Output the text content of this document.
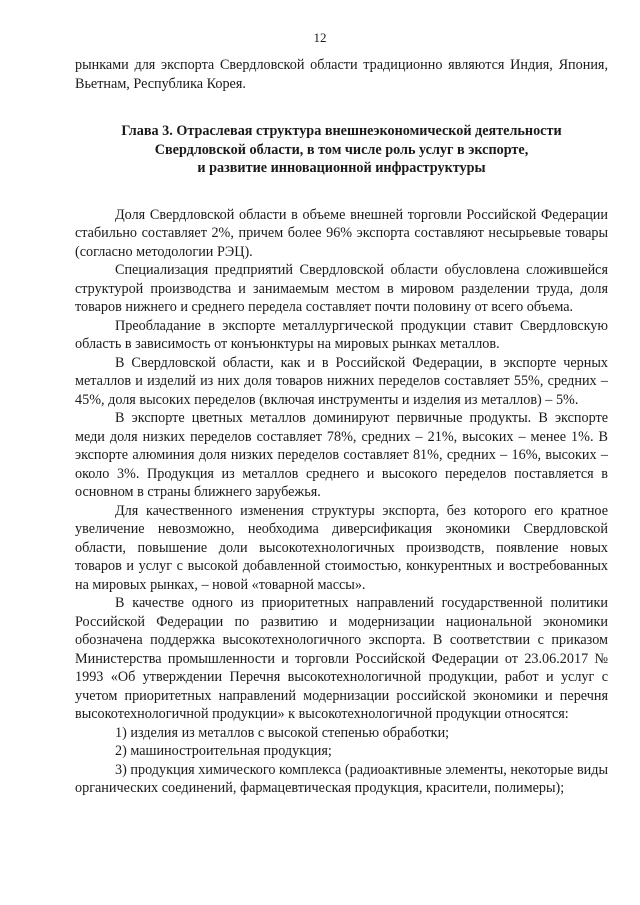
12

рынками для экспорта Свердловской области традиционно являются Индия, Япония, Вьетнам, Республика Корея.

Глава 3. Отраслевая структура внешнеэкономической деятельности
Свердловской области, в том числе роль услуг в экспорте,
и развитие инновационной инфраструктуры

Доля Свердловской области в объеме внешней торговли Российской Федерации стабильно составляет 2%, причем более 96% экспорта составляют несырьевые товары (согласно методологии РЭЦ).

Специализация предприятий Свердловской области обусловлена сложившейся структурой производства и занимаемым местом в мировом разделении труда, доля товаров нижнего и среднего передела составляет почти половину от всего объема.

Преобладание в экспорте металлургической продукции ставит Свердловскую область в зависимость от конъюнктуры на мировых рынках металлов.

В Свердловской области, как и в Российской Федерации, в экспорте черных металлов и изделий из них доля товаров нижних переделов составляет 55%, средних – 45%, доля высоких переделов (включая инструменты и изделия из металлов) – 5%.

В экспорте цветных металлов доминируют первичные продукты. В экспорте меди доля низких переделов составляет 78%, средних – 21%, высоких – менее 1%. В экспорте алюминия доля низких переделов составляет 81%, средних – 16%, высоких – около 3%. Продукция из металлов среднего и высокого переделов поставляется в основном в страны ближнего зарубежья.

Для качественного изменения структуры экспорта, без которого его кратное увеличение невозможно, необходима диверсификация экономики Свердловской области, повышение доли высокотехнологичных производств, появление новых товаров и услуг с высокой добавленной стоимостью, конкурентных и востребованных на мировых рынках, – новой «товарной массы».

В качестве одного из приоритетных направлений государственной политики Российской Федерации по развитию и модернизации национальной экономики обозначена поддержка высокотехнологичного экспорта. В соответствии с приказом Министерства промышленности и торговли Российской Федерации от 23.06.2017 № 1993 «Об утверждении Перечня высокотехнологичной продукции, работ и услуг с учетом приоритетных направлений модернизации российской экономики и перечня высокотехнологичной продукции» к высокотехнологичной продукции относятся:

1) изделия из металлов с высокой степенью обработки;

2) машиностроительная продукция;

3) продукция химического комплекса (радиоактивные элементы, некоторые виды органических соединений, фармацевтическая продукция, красители, полимеры);
